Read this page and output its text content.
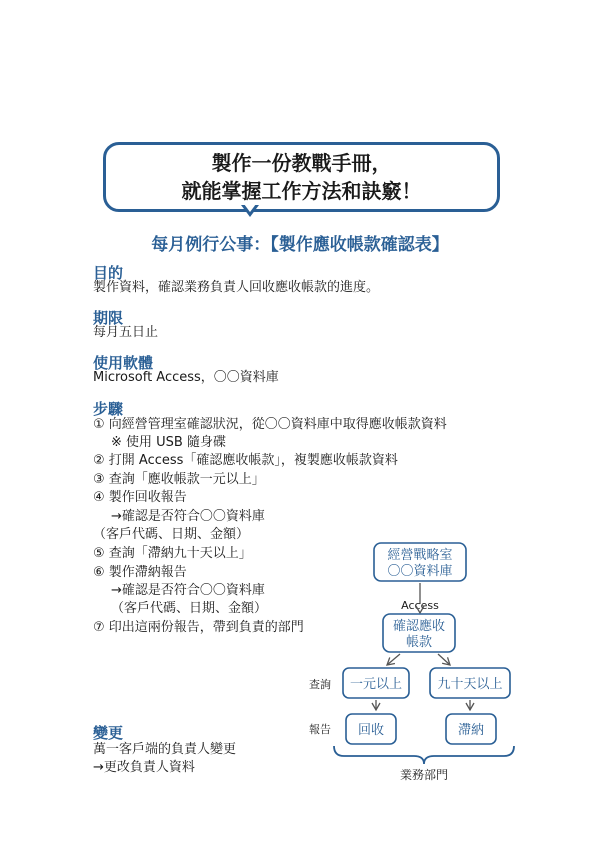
製作一份教戰手冊，
就能掌握工作方法和訣竅！
每月例行公事：【製作應收帳款確認表】
目的
製作資料，確認業務負責人回收應收帳款的進度。
期限
每月五日止
使用軟體
Microsoft Access，〇〇資料庫
步驟
① 向經營管理室確認狀況，從〇〇資料庫中取得應收帳款資料
※ 使用 USB 隨身碟
② 打開 Access「確認應收帳款」，複製應收帳款資料
③ 查詢「應收帳款一元以上」
④ 製作回收報告
→確認是否符合〇〇資料庫
（客戶代碼、日期、金額）
⑤ 查詢「滯納九十天以上」
⑥ 製作滯納報告
→確認是否符合〇〇資料庫
（客戶代碼、日期、金額）
⑦ 印出這兩份報告，帶到負責的部門
變更
萬一客戶端的負責人變更
→更改負責人資料
經營戰略室
〇〇資料庫
Access
確認應收
帳款
查詢 一元以上	九十天以上
報告 回收	滯納
業務部門
